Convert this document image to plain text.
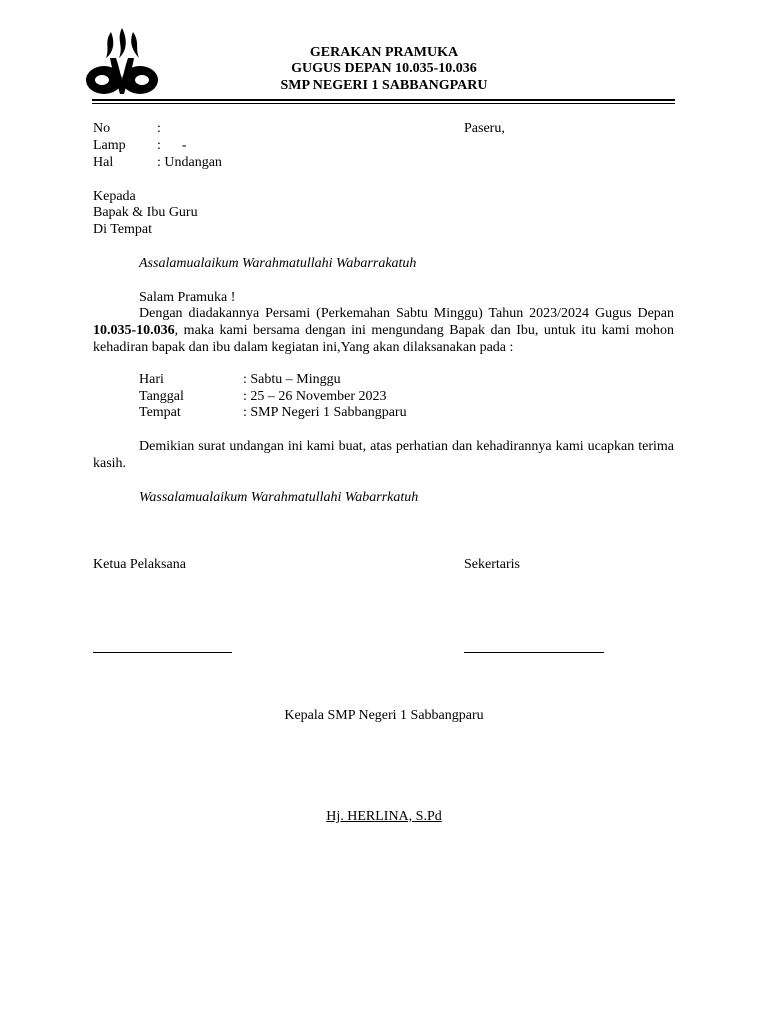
GERAKAN PRAMUKA
GUGUS DEPAN 10.035-10.036
SMP NEGERI 1 SABBANGPARU
No	:	Paseru,
Lamp :      -
Hal	: Undangan
Kepada
Bapak & Ibu Guru
Di Tempat
Assalamualaikum Warahmatullahi Wabarrakatuh
Salam Pramuka !
Dengan diadakannya Persami (Perkemahan Sabtu Minggu) Tahun 2023/2024 Gugus Depan 10.035-10.036, maka kami bersama dengan ini mengundang Bapak dan Ibu, untuk itu kami mohon kehadiran bapak dan ibu dalam kegiatan ini,Yang akan dilaksanakan pada :
Hari	: Sabtu – Minggu
Tanggal	: 25 – 26 November 2023
Tempat	: SMP Negeri 1 Sabbangparu
Demikian surat undangan ini kami buat, atas perhatian dan kehadirannya kami ucapkan terima kasih.
Wassalamualaikum Warahmatullahi Wabarrkatuh
Ketua Pelaksana	Sekertaris
Kepala SMP Negeri 1 Sabbangparu
Hj. HERLINA, S.Pd
